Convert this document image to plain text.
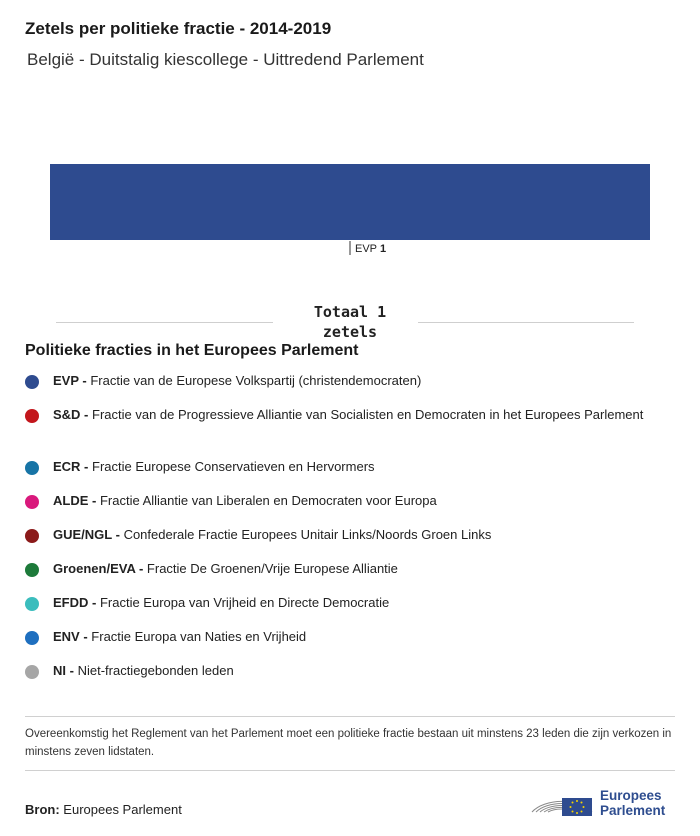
Zetels per politieke fractie - 2014-2019
België - Duitstalig kiescollege - Uittredend Parlement
EVP 1
Totaal 1
zetels
Politieke fracties in het Europees Parlement
EVP - Fractie van de Europese Volkspartij (christendemocraten)
S&D - Fractie van de Progressieve Alliantie van Socialisten en Democraten in het Europees Parlement
ECR - Fractie Europese Conservatieven en Hervormers
ALDE - Fractie Alliantie van Liberalen en Democraten voor Europa
GUE/NGL - Confederale Fractie Europees Unitair Links/Noords Groen Links
Groenen/EVA - Fractie De Groenen/Vrije Europese Alliantie
EFDD - Fractie Europa van Vrijheid en Directe Democratie
ENV - Fractie Europa van Naties en Vrijheid
NI - Niet-fractiegebonden leden
Overeenkomstig het Reglement van het Parlement moet een politieke fractie bestaan uit minstens 23 leden die zijn verkozen in minstens zeven lidstaten.
Bron: Europees Parlement
Europees
Parlement
